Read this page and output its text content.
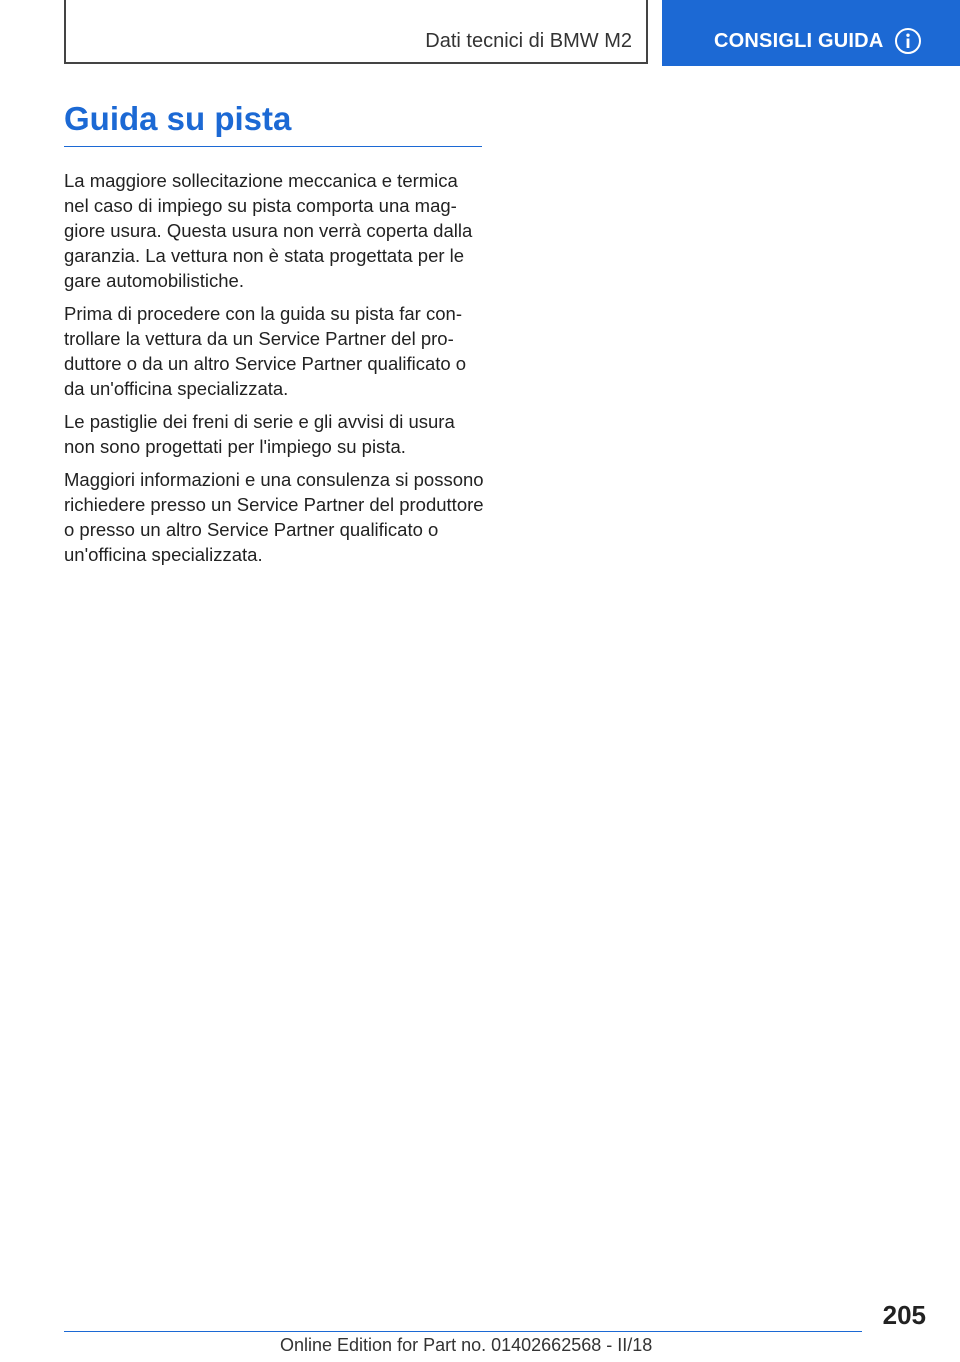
Dati tecnici di BMW M2	CONSIGLI GUIDA
Guida su pista

La maggiore sollecitazione meccanica e termica nel caso di impiego su pista comporta una maggiore usura. Questa usura non verrà coperta dalla garanzia. La vettura non è stata progettata per le gare automobilistiche.

Prima di procedere con la guida su pista far controllare la vettura da un Service Partner del produttore o da un altro Service Partner qualificato o da un'officina specializzata.

Le pastiglie dei freni di serie e gli avvisi di usura non sono progettati per l'impiego su pista.

Maggiori informazioni e una consulenza si possono richiedere presso un Service Partner del produttore o presso un altro Service Partner qualificato o un'officina specializzata.

205
Online Edition for Part no. 01402662568 - II/18
